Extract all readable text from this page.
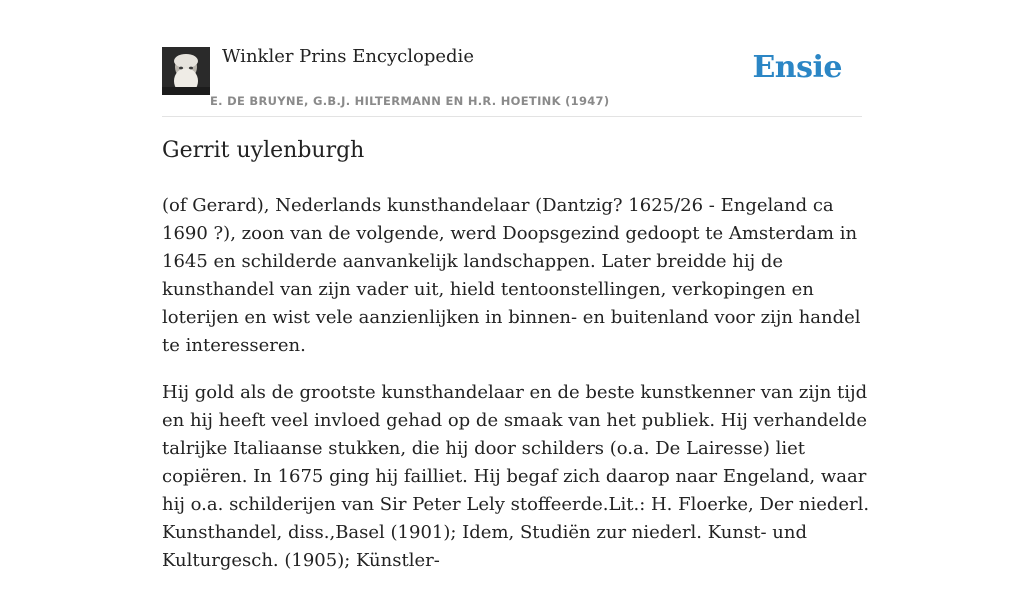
Winkler Prins Encyclopedie
E. DE BRUYNE, G.B.J. HILTERMANN EN H.R. HOETINK (1947)
Ensie
Gerrit uylenburgh

(of Gerard), Nederlands kunsthandelaar (Dantzig? 1625/26 - Engeland ca 1690 ?), zoon van de volgende, werd Doopsgezind gedoopt te Amsterdam in 1645 en schilderde aanvankelijk landschappen. Later breidde hij de kunsthandel van zijn vader uit, hield tentoonstellingen, verkopingen en loterijen en wist vele aanzienlijken in binnen- en buitenland voor zijn handel te interesseren.

Hij gold als de grootste kunsthandelaar en de beste kunstkenner van zijn tijd en hij heeft veel invloed gehad op de smaak van het publiek. Hij verhandelde talrijke Italiaanse stukken, die hij door schilders (o.a. De Lairesse) liet copiëren. In 1675 ging hij failliet. Hij begaf zich daarop naar Engeland, waar hij o.a. schilderijen van Sir Peter Lely stoffeerde.Lit.: H. Floerke, Der niederl. Kunsthandel, diss.,Basel (1901); Idem, Studiën zur niederl. Kunst- und Kulturgesch. (1905); Künstler-
